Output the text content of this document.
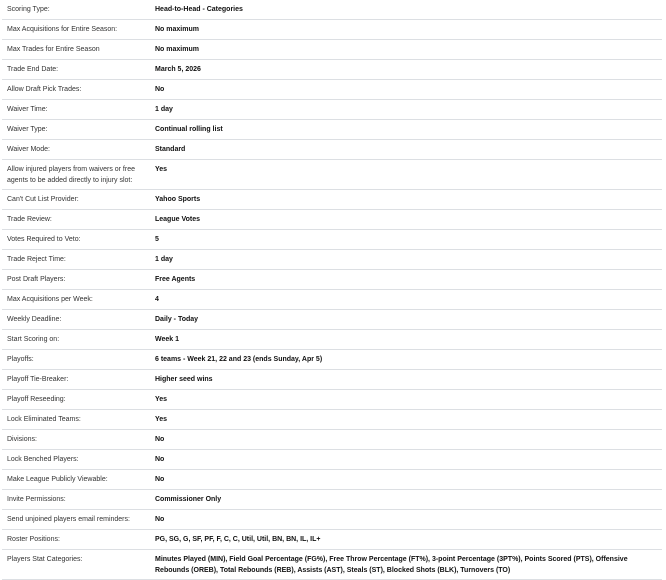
Scoring Type:	Head-to-Head - Categories
Max Acquisitions for Entire Season:	No maximum
Max Trades for Entire Season	No maximum
Trade End Date:	March 5, 2026
Allow Draft Pick Trades:	No
Waiver Time:	1 day
Waiver Type:	Continual rolling list
Waiver Mode:	Standard
Allow injured players from waivers or free agents to be added directly to injury slot:	Yes
Can't Cut List Provider:	Yahoo Sports
Trade Review:	League Votes
Votes Required to Veto:	5
Trade Reject Time:	1 day
Post Draft Players:	Free Agents
Max Acquisitions per Week:	4
Weekly Deadline:	Daily - Today
Start Scoring on:	Week 1
Playoffs:	6 teams - Week 21, 22 and 23 (ends Sunday, Apr 5)
Playoff Tie-Breaker:	Higher seed wins
Playoff Reseeding:	Yes
Lock Eliminated Teams:	Yes
Divisions:	No
Lock Benched Players:	No
Make League Publicly Viewable:	No
Invite Permissions:	Commissioner Only
Send unjoined players email reminders:	No
Roster Positions:	PG, SG, G, SF, PF, F, C, C, Util, Util, BN, BN, IL, IL+
Players Stat Categories:	Minutes Played (MIN), Field Goal Percentage (FG%), Free Throw Percentage (FT%), 3-point Percentage (3PT%), Points Scored (PTS), Offensive Rebounds (OREB), Total Rebounds (REB), Assists (AST), Steals (ST), Blocked Shots (BLK), Turnovers (TO)
